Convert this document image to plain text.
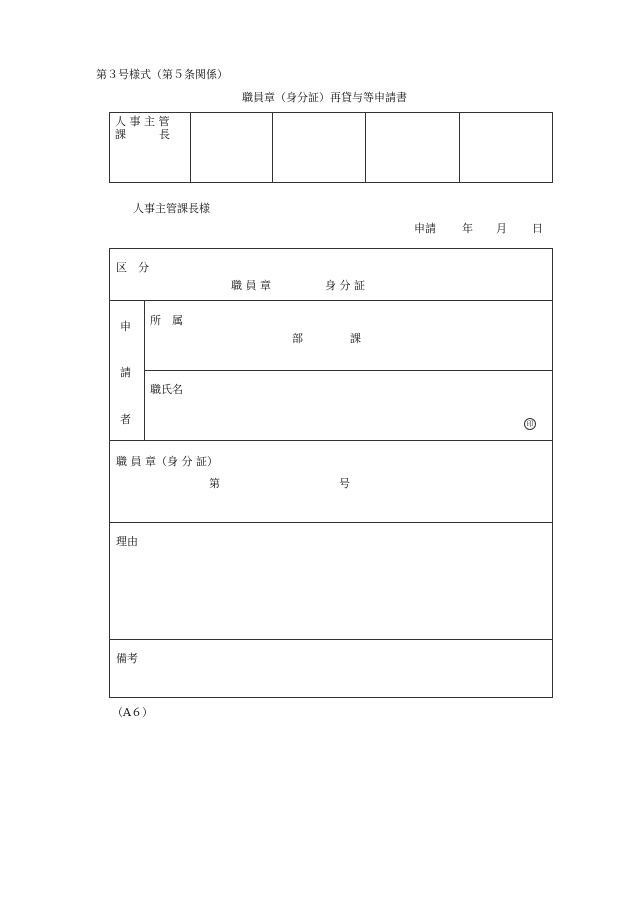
第３号様式（第５条関係）
職員章（身分証）再貸与等申請書
人 事 主 管
課　　　長
人事主管課長様
申請 年 月 日
区　分
職 員 章	身 分 証
申
請
者
所　属
部	課
職氏名
印
職 員 章（身 分 証）
第	号
理由
備考
（A６）
